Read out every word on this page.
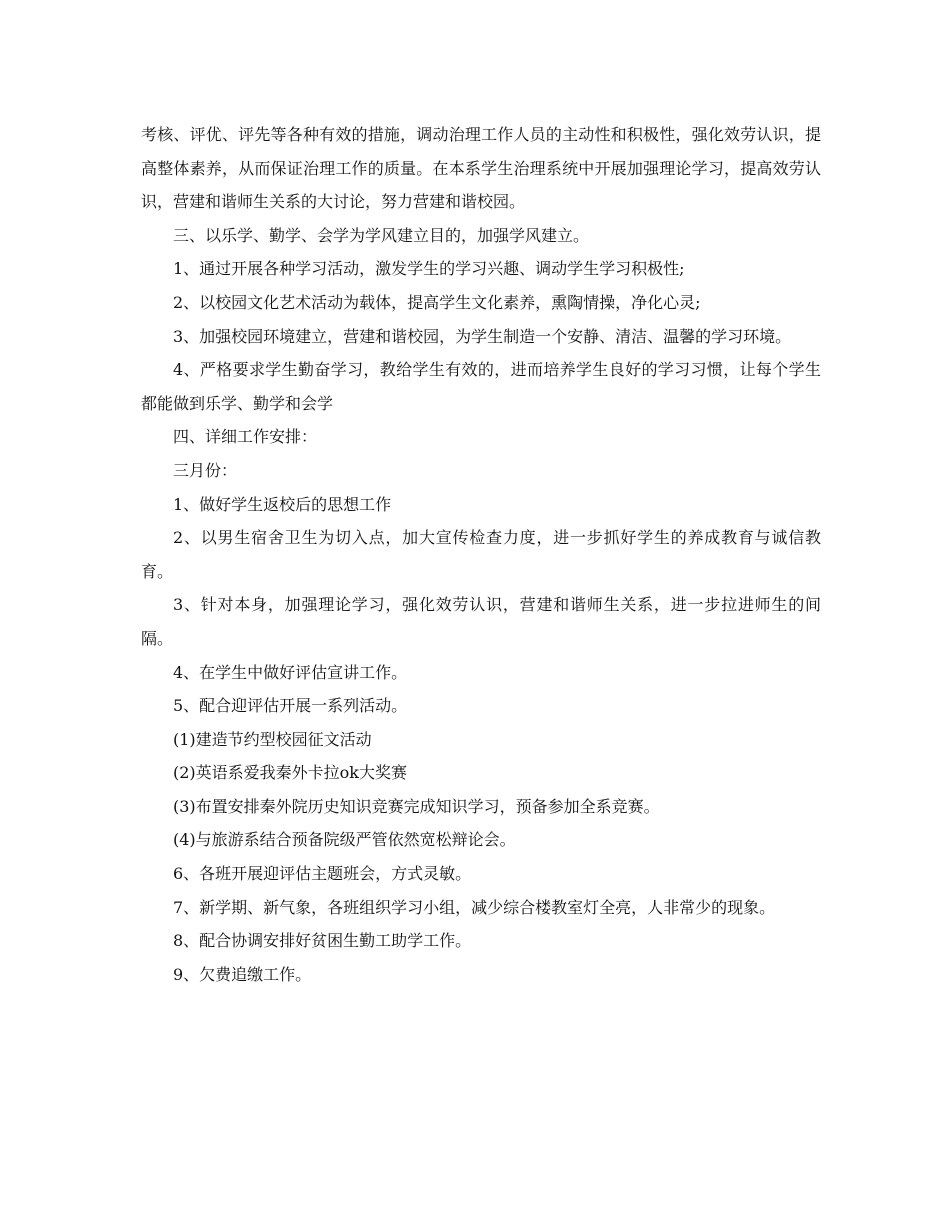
考核、评优、评先等各种有效的措施，调动治理工作人员的主动性和积极性，强化效劳认识，提高整体素养，从而保证治理工作的质量。在本系学生治理系统中开展加强理论学习，提高效劳认识，营建和谐师生关系的大讨论，努力营建和谐校园。

三、以乐学、勤学、会学为学风建立目的，加强学风建立。

1、通过开展各种学习活动，激发学生的学习兴趣、调动学生学习积极性;

2、以校园文化艺术活动为载体，提高学生文化素养，熏陶情操，净化心灵;

3、加强校园环境建立，营建和谐校园，为学生制造一个安静、清洁、温馨的学习环境。

4、严格要求学生勤奋学习，教给学生有效的，进而培养学生良好的学习习惯，让每个学生都能做到乐学、勤学和会学

四、详细工作安排：

三月份：

1、做好学生返校后的思想工作

2、以男生宿舍卫生为切入点，加大宣传检查力度，进一步抓好学生的养成教育与诚信教育。

3、针对本身，加强理论学习，强化效劳认识，营建和谐师生关系，进一步拉进师生的间隔。

4、在学生中做好评估宣讲工作。

5、配合迎评估开展一系列活动。

(1)建造节约型校园征文活动

(2)英语系爱我秦外卡拉ok大奖赛

(3)布置安排秦外院历史知识竞赛完成知识学习，预备参加全系竞赛。

(4)与旅游系结合预备院级严管依然宽松辩论会。

6、各班开展迎评估主题班会，方式灵敏。

7、新学期、新气象，各班组织学习小组，减少综合楼教室灯全亮，人非常少的现象。

8、配合协调安排好贫困生勤工助学工作。

9、欠费追缴工作。
